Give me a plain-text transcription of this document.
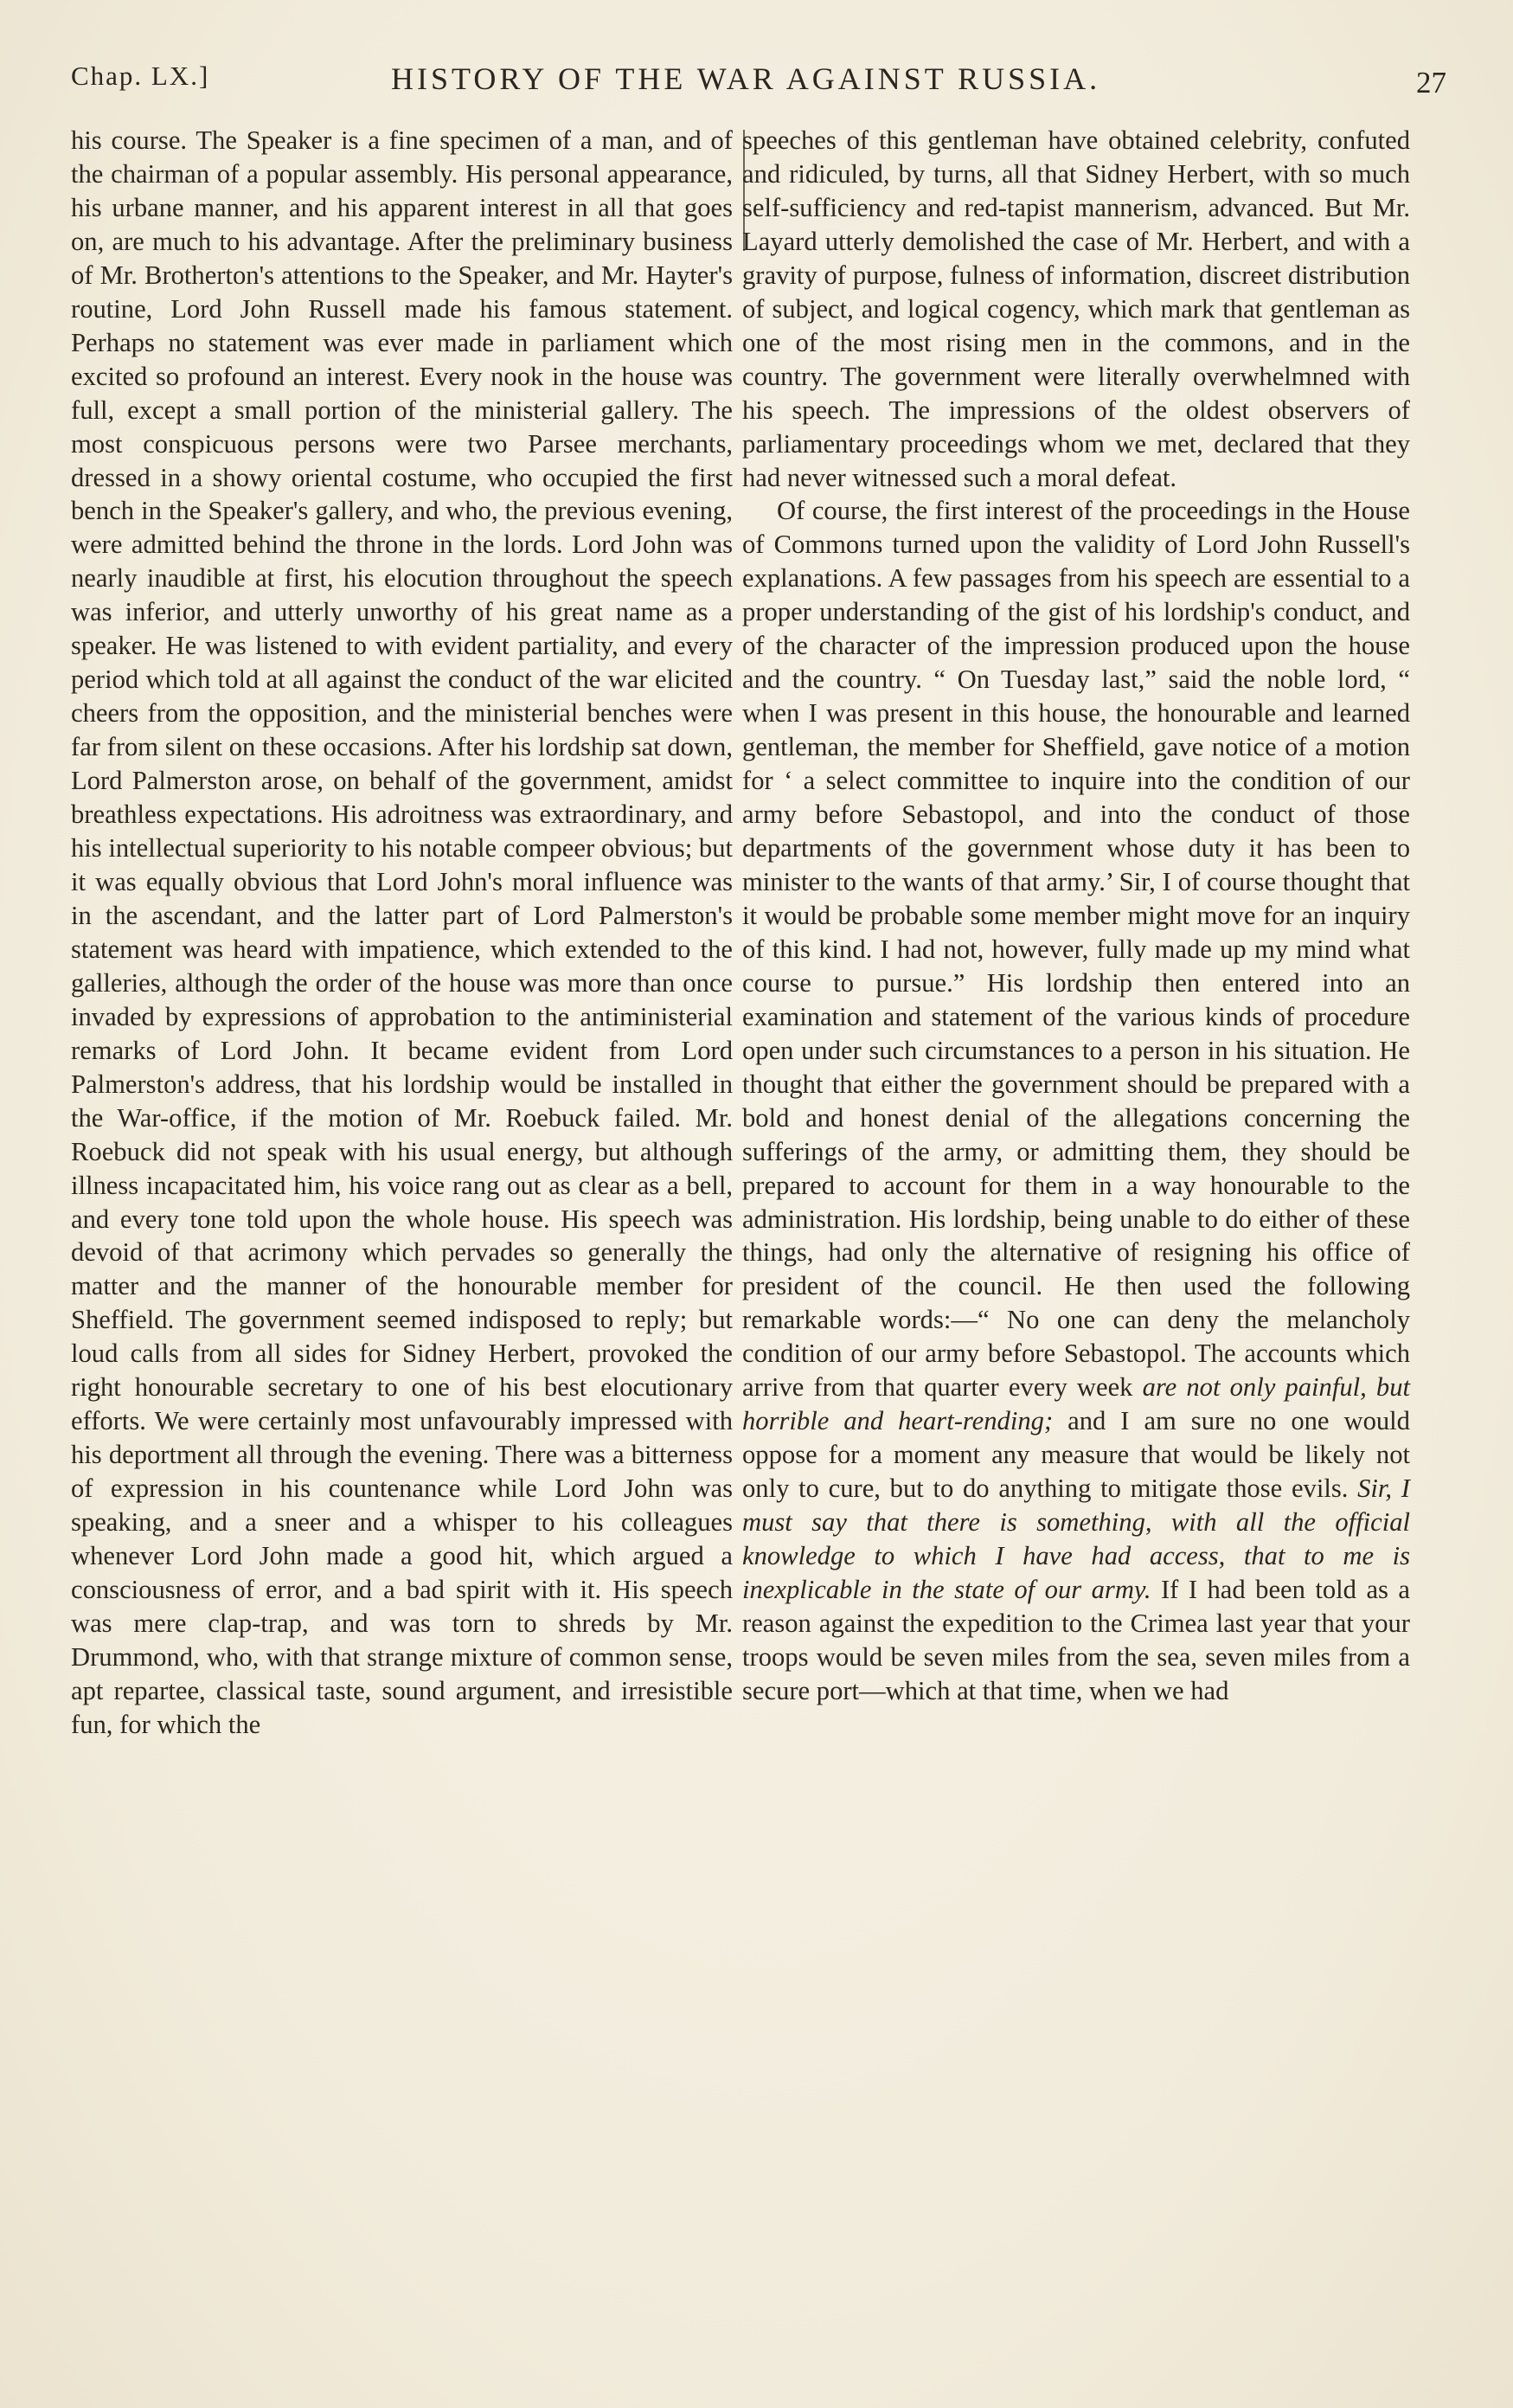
Chap. LX.]	HISTORY OF THE WAR AGAINST RUSSIA.	27

his course. The Speaker is a fine specimen of a man, and of the chairman of a popular assembly. His personal appearance, his urbane manner, and his apparent interest in all that goes on, are much to his advantage. After the preliminary business of Mr. Brotherton's attentions to the Speaker, and Mr. Hayter's routine, Lord John Russell made his famous statement. Perhaps no statement was ever made in parliament which excited so profound an interest. Every nook in the house was full, except a small portion of the ministerial gallery. The most conspicuous persons were two Parsee merchants, dressed in a showy oriental costume, who occupied the first bench in the Speaker's gallery, and who, the previous evening, were admitted behind the throne in the lords. Lord John was nearly inaudible at first, his elocution throughout the speech was inferior, and utterly unworthy of his great name as a speaker. He was listened to with evident partiality, and every period which told at all against the conduct of the war elicited cheers from the opposition, and the ministerial benches were far from silent on these occasions. After his lordship sat down, Lord Palmerston arose, on behalf of the government, amidst breathless expectations. His adroitness was extraordinary, and his intellectual superiority to his notable compeer obvious; but it was equally obvious that Lord John's moral influence was in the ascendant, and the latter part of Lord Palmerston's statement was heard with impatience, which extended to the galleries, although the order of the house was more than once invaded by expressions of approbation to the antiministerial remarks of Lord John. It became evident from Lord Palmerston's address, that his lordship would be installed in the War-office, if the motion of Mr. Roebuck failed. Mr. Roebuck did not speak with his usual energy, but although illness incapacitated him, his voice rang out as clear as a bell, and every tone told upon the whole house. His speech was devoid of that acrimony which pervades so generally the matter and the manner of the honourable member for Sheffield. The government seemed indisposed to reply; but loud calls from all sides for Sidney Herbert, provoked the right honourable secretary to one of his best elocutionary efforts. We were certainly most unfavourably impressed with his deportment all through the evening. There was a bitterness of expression in his countenance while Lord John was speaking, and a sneer and a whisper to his colleagues whenever Lord John made a good hit, which argued a consciousness of error, and a bad spirit with it. His speech was mere clap-trap, and was torn to shreds by Mr. Drummond, who, with that strange mixture of common sense, apt repartee, classical taste, sound argument, and irresistible fun, for which the

speeches of this gentleman have obtained celebrity, confuted and ridiculed, by turns, all that Sidney Herbert, with so much self-sufficiency and red-tapist mannerism, advanced. But Mr. Layard utterly demolished the case of Mr. Herbert, and with a gravity of purpose, fulness of information, discreet distribution of subject, and logical cogency, which mark that gentleman as one of the most rising men in the commons, and in the country. The government were literally overwhelmned with his speech. The impressions of the oldest observers of parliamentary proceedings whom we met, declared that they had never witnessed such a moral defeat.

Of course, the first interest of the proceedings in the House of Commons turned upon the validity of Lord John Russell's explanations. A few passages from his speech are essential to a proper understanding of the gist of his lordship's conduct, and of the character of the impression produced upon the house and the country. “ On Tuesday last,” said the noble lord, “ when I was present in this house, the honourable and learned gentleman, the member for Sheffield, gave notice of a motion for ‘ a select committee to inquire into the condition of our army before Sebastopol, and into the conduct of those departments of the government whose duty it has been to minister to the wants of that army.’ Sir, I of course thought that it would be probable some member might move for an inquiry of this kind. I had not, however, fully made up my mind what course to pursue.” His lordship then entered into an examination and statement of the various kinds of procedure open under such circumstances to a person in his situation. He thought that either the government should be prepared with a bold and honest denial of the allegations concerning the sufferings of the army, or admitting them, they should be prepared to account for them in a way honourable to the administration. His lordship, being unable to do either of these things, had only the alternative of resigning his office of president of the council. He then used the following remarkable words:—“ No one can deny the melancholy condition of our army before Sebastopol. The accounts which arrive from that quarter every week are not only painful, but horrible and heart-rending; and I am sure no one would oppose for a moment any measure that would be likely not only to cure, but to do anything to mitigate those evils. Sir, I must say that there is something, with all the official knowledge to which I have had access, that to me is inexplicable in the state of our army. If I had been told as a reason against the expedition to the Crimea last year that your troops would be seven miles from the sea, seven miles from a secure port—which at that time, when we had
